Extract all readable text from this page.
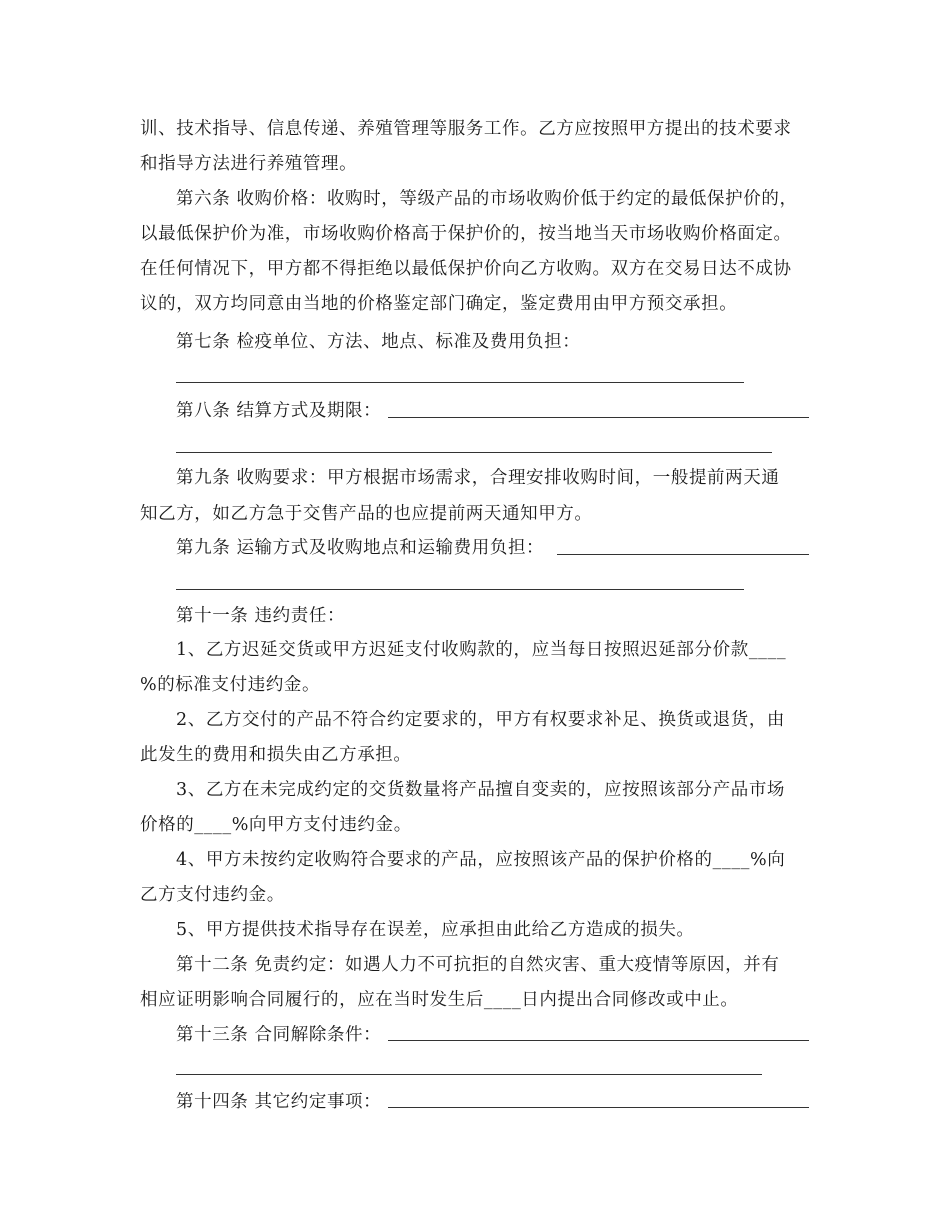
训、技术指导、信息传递、养殖管理等服务工作。乙方应按照甲方提出的技术要求
和指导方法进行养殖管理。
第六条 收购价格：收购时，等级产品的市场收购价低于约定的最低保护价的，
以最低保护价为准，市场收购价格高于保护价的，按当地当天市场收购价格面定。
在任何情况下，甲方都不得拒绝以最低保护价向乙方收购。双方在交易日达不成协
议的，双方均同意由当地的价格鉴定部门确定，鉴定费用由甲方预交承担。
第七条 检疫单位、方法、地点、标准及费用负担：
第八条 结算方式及期限：
第九条 收购要求：甲方根据市场需求，合理安排收购时间，一般提前两天通
知乙方，如乙方急于交售产品的也应提前两天通知甲方。
第九条 运输方式及收购地点和运输费用负担：
第十一条 违约责任：
1、乙方迟延交货或甲方迟延支付收购款的，应当每日按照迟延部分价款____
%的标准支付违约金。
2、乙方交付的产品不符合约定要求的，甲方有权要求补足、换货或退货，由
此发生的费用和损失由乙方承担。
3、乙方在未完成约定的交货数量将产品擅自变卖的，应按照该部分产品市场
价格的____%向甲方支付违约金。
4、甲方未按约定收购符合要求的产品，应按照该产品的保护价格的____%向
乙方支付违约金。
5、甲方提供技术指导存在误差，应承担由此给乙方造成的损失。
第十二条 免责约定：如遇人力不可抗拒的自然灾害、重大疫情等原因，并有
相应证明影响合同履行的，应在当时发生后____日内提出合同修改或中止。
第十三条 合同解除条件：
第十四条 其它约定事项：
